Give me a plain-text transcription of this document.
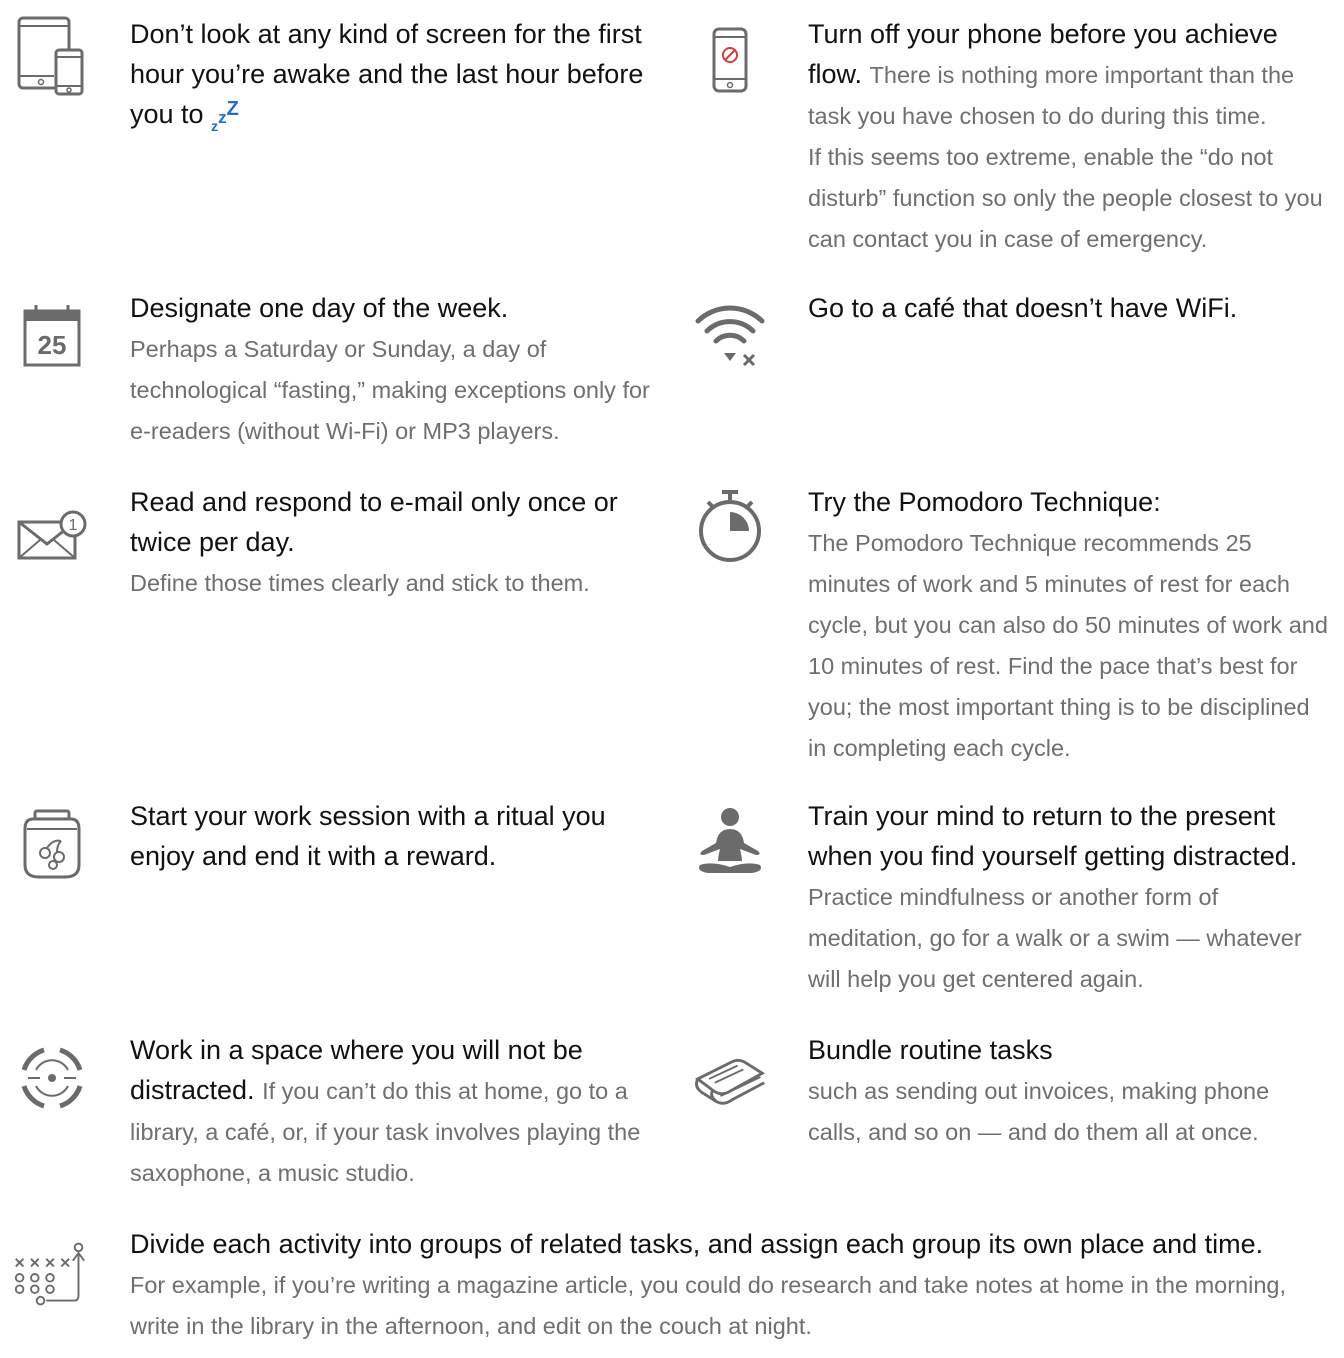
Don’t look at any kind of screen for the first hour you’re awake and the last hour before you to $_z$zZ
Turn off your phone before you achieve flow. There is nothing more important than the task you have chosen to do during this time.
If this seems too extreme, enable the “do not disturb” function so only the people closest to you can contact you in case of emergency.
25
Designate one day of the week.
Perhaps a Saturday or Sunday, a day of technological “fasting,” making exceptions only for e-readers (without Wi-Fi) or MP3 players.
Go to a café that doesn’t have WiFi.
1
Read and respond to e-mail only once or twice per day.
Define those times clearly and stick to them.
Try the Pomodoro Technique:
The Pomodoro Technique recommends 25 minutes of work and 5 minutes of rest for each cycle, but you can also do 50 minutes of work and 10 minutes of rest. Find the pace that’s best for you; the most important thing is to be disciplined in completing each cycle.
Start your work session with a ritual you enjoy and end it with a reward.
Train your mind to return to the present when you find yourself getting distracted.
Practice mindfulness or another form of meditation, go for a walk or a swim — whatever will help you get centered again.
Work in a space where you will not be distracted. If you can’t do this at home, go to a library, a café, or, if your task involves playing the saxophone, a music studio.
Bundle routine tasks
such as sending out invoices, making phone calls, and so on — and do them all at once.
Divide each activity into groups of related tasks, and assign each group its own place and time.
For example, if you’re writing a magazine article, you could do research and take notes at home in the morning, write in the library in the afternoon, and edit on the couch at night.
